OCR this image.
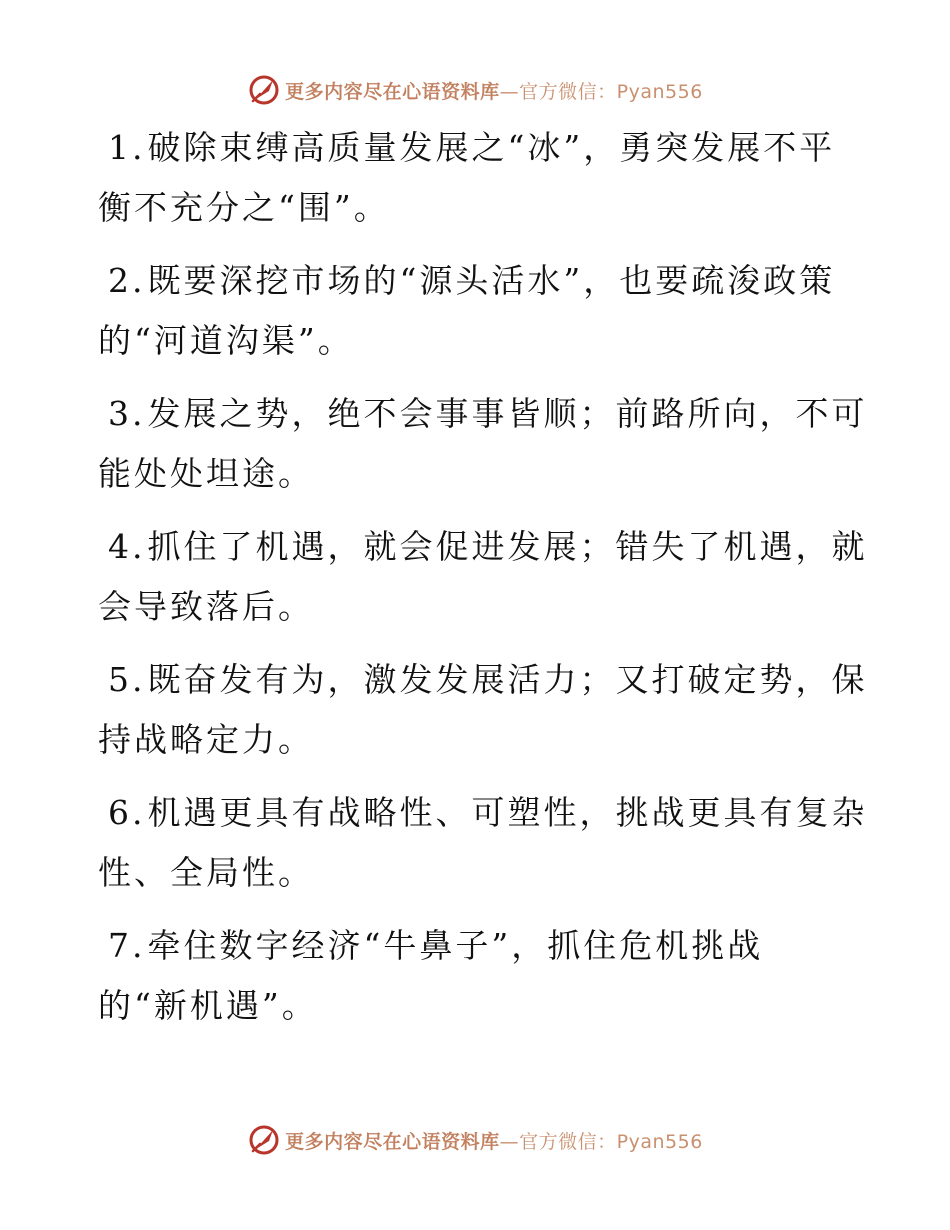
更多内容尽在心语资料库—官方微信：Pyan556
1.破除束缚高质量发展之“冰”，勇突发展不平
衡不充分之“围”。
2.既要深挖市场的“源头活水”，也要疏浚政策
的“河道沟渠”。
3.发展之势，绝不会事事皆顺；前路所向，不可
能处处坦途。
4.抓住了机遇，就会促进发展；错失了机遇，就
会导致落后。
5.既奋发有为，激发发展活力；又打破定势，保
持战略定力。
6.机遇更具有战略性、可塑性，挑战更具有复杂
性、全局性。
7.牵住数字经济“牛鼻子”，抓住危机挑战
的“新机遇”。
更多内容尽在心语资料库—官方微信：Pyan556
